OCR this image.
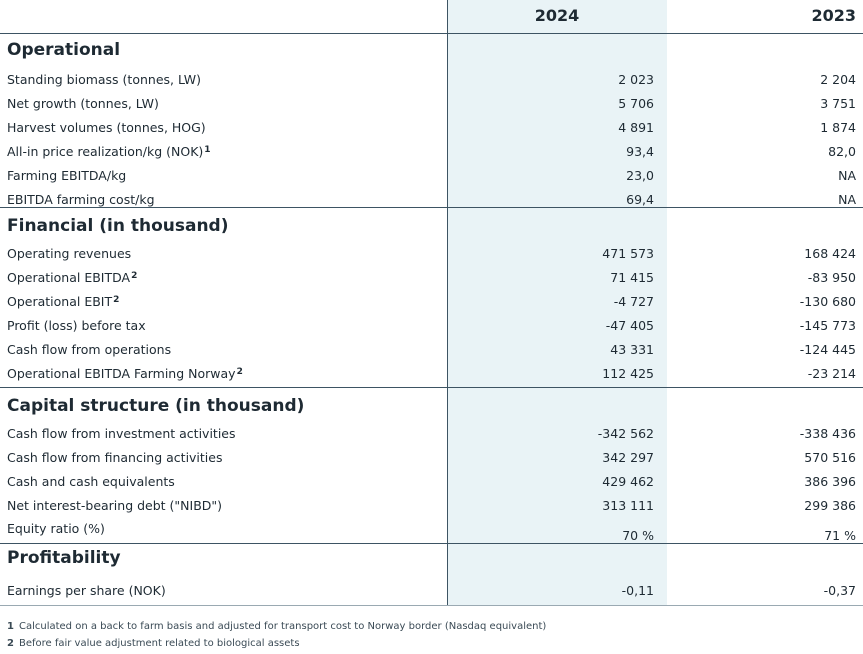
2024	2023
Operational
Standing biomass (tonnes, LW)	2 023	2 204
Net growth (tonnes, LW)	5 706	3 751
Harvest volumes (tonnes, HOG)	4 891	1 874
All-in price realization/kg (NOK)$^1$	93,4	82,0
Farming EBITDA/kg	23,0	NA
EBITDA farming cost/kg	69,4	NA
Financial (in thousand)
Operating revenues	471 573	168 424
Operational EBITDA$^2$	71 415	-83 950
Operational EBIT$^2$	-4 727	-130 680
Profit (loss) before tax	-47 405	-145 773
Cash flow from operations	43 331	-124 445
Operational EBITDA Farming Norway$^2$	112 425	-23 214
Capital structure (in thousand)
Cash flow from investment activities	-342 562	-338 436
Cash flow from financing activities	342 297	570 516
Cash and cash equivalents	429 462	386 396
Net interest-bearing debt ("NIBD")	313 111	299 386
Equity ratio (%)	70 %	71 %
Profitability
Earnings per share (NOK)	-0,11	-0,37
1 Calculated on a back to farm basis and adjusted for transport cost to Norway border (Nasdaq equivalent)
2 Before fair value adjustment related to biological assets
